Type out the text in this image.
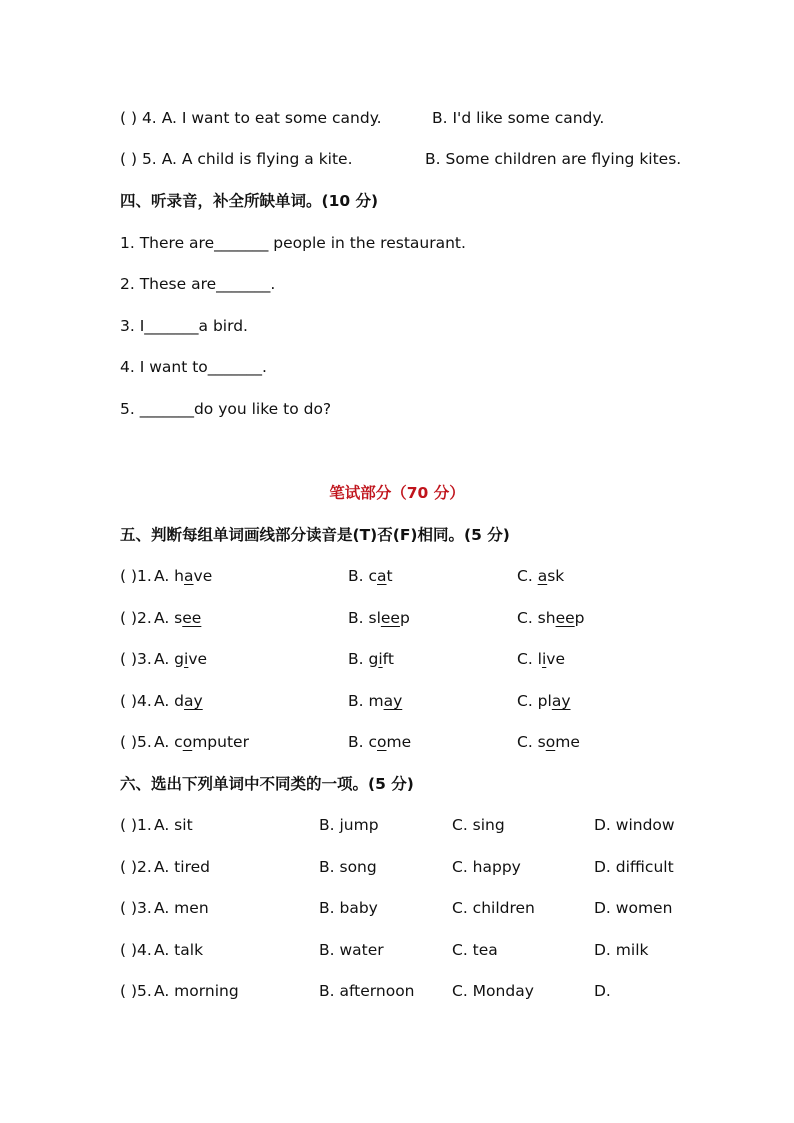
( ) 4. A. I want to eat some candy.	B. I'd like some candy.
( ) 5. A. A child is flying a kite.	B. Some children are flying kites.
四、听录音，补全所缺单词。(10 分)
1. There are_______ people in the restaurant.
2. These are_______.
3. I_______a bird.
4. I want to_______.
5. _______do you like to do?
笔试部分（70 分）
五、判断每组单词画线部分读音是(T)否(F)相同。(5 分)
( )1. A. have	B. cat	C. ask
( )2. A. see	B. sleep	C. sheep
( )3. A. give	B. gift	C. live
( )4. A. day	B. may	C. play
( )5. A. computer	B. come	C. some
六、选出下列单词中不同类的一项。(5 分)
( )1. A. sit	B. jump	C. sing	D. window
( )2. A. tired	B. song	C. happy	D. difficult
( )3. A. men	B. baby	C. children	D. women
( )4. A. talk	B. water	C. tea	D. milk
( )5. A. morning	B. afternoon C. Monday	D.
